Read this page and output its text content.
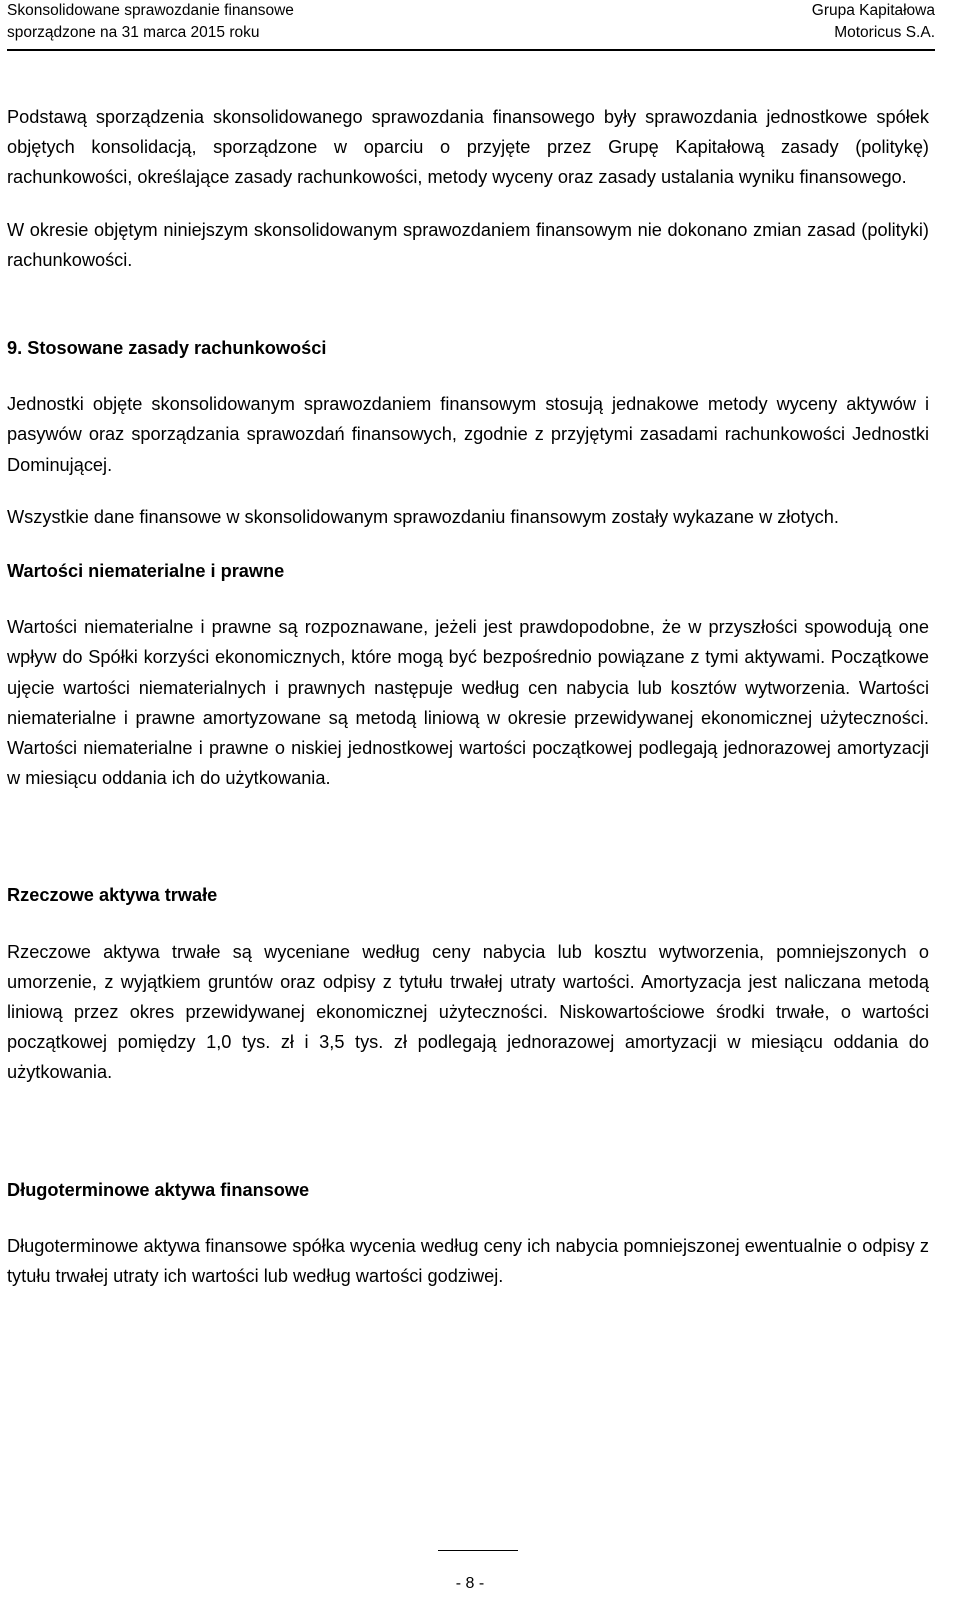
Skonsolidowane sprawozdanie finansowe
sporządzone na 31 marca 2015 roku
Grupa Kapitałowa
Motoricus S.A.

Podstawą sporządzenia skonsolidowanego sprawozdania finansowego były sprawozdania jednostkowe spółek objętych konsolidacją, sporządzone w oparciu o przyjęte przez Grupę Kapitałową zasady (politykę) rachunkowości, określające zasady rachunkowości, metody wyceny oraz zasady ustalania wyniku finansowego.

W okresie objętym niniejszym skonsolidowanym sprawozdaniem finansowym nie dokonano zmian zasad (polityki) rachunkowości.

9. Stosowane zasady rachunkowości

Jednostki objęte skonsolidowanym sprawozdaniem finansowym stosują jednakowe metody wyceny aktywów i pasywów oraz sporządzania sprawozdań finansowych, zgodnie z przyjętymi zasadami rachunkowości Jednostki Dominującej.

Wszystkie dane finansowe w skonsolidowanym sprawozdaniu finansowym zostały wykazane w złotych.

Wartości niematerialne i prawne

Wartości niematerialne i prawne są rozpoznawane, jeżeli jest prawdopodobne, że w przyszłości spowodują one wpływ do Spółki korzyści ekonomicznych, które mogą być bezpośrednio powiązane z tymi aktywami. Początkowe ujęcie wartości niematerialnych i prawnych następuje według cen nabycia lub kosztów wytworzenia. Wartości niematerialne i prawne amortyzowane są metodą liniową w okresie przewidywanej ekonomicznej użyteczności. Wartości niematerialne i prawne o niskiej jednostkowej wartości początkowej podlegają jednorazowej amortyzacji w miesiącu oddania ich do użytkowania.

Rzeczowe aktywa trwałe

Rzeczowe aktywa trwałe są wyceniane według ceny nabycia lub kosztu wytworzenia, pomniejszonych o umorzenie, z wyjątkiem gruntów oraz odpisy z tytułu trwałej utraty wartości. Amortyzacja jest naliczana metodą liniową przez okres przewidywanej ekonomicznej użyteczności. Niskowartościowe środki trwałe, o wartości początkowej pomiędzy 1,0 tys. zł i 3,5 tys. zł podlegają jednorazowej amortyzacji w miesiącu oddania do użytkowania.

Długoterminowe aktywa finansowe

Długoterminowe aktywa finansowe spółka wycenia według ceny ich nabycia pomniejszonej ewentualnie o odpisy z tytułu trwałej utraty ich wartości lub według wartości godziwej.

- 8 -
